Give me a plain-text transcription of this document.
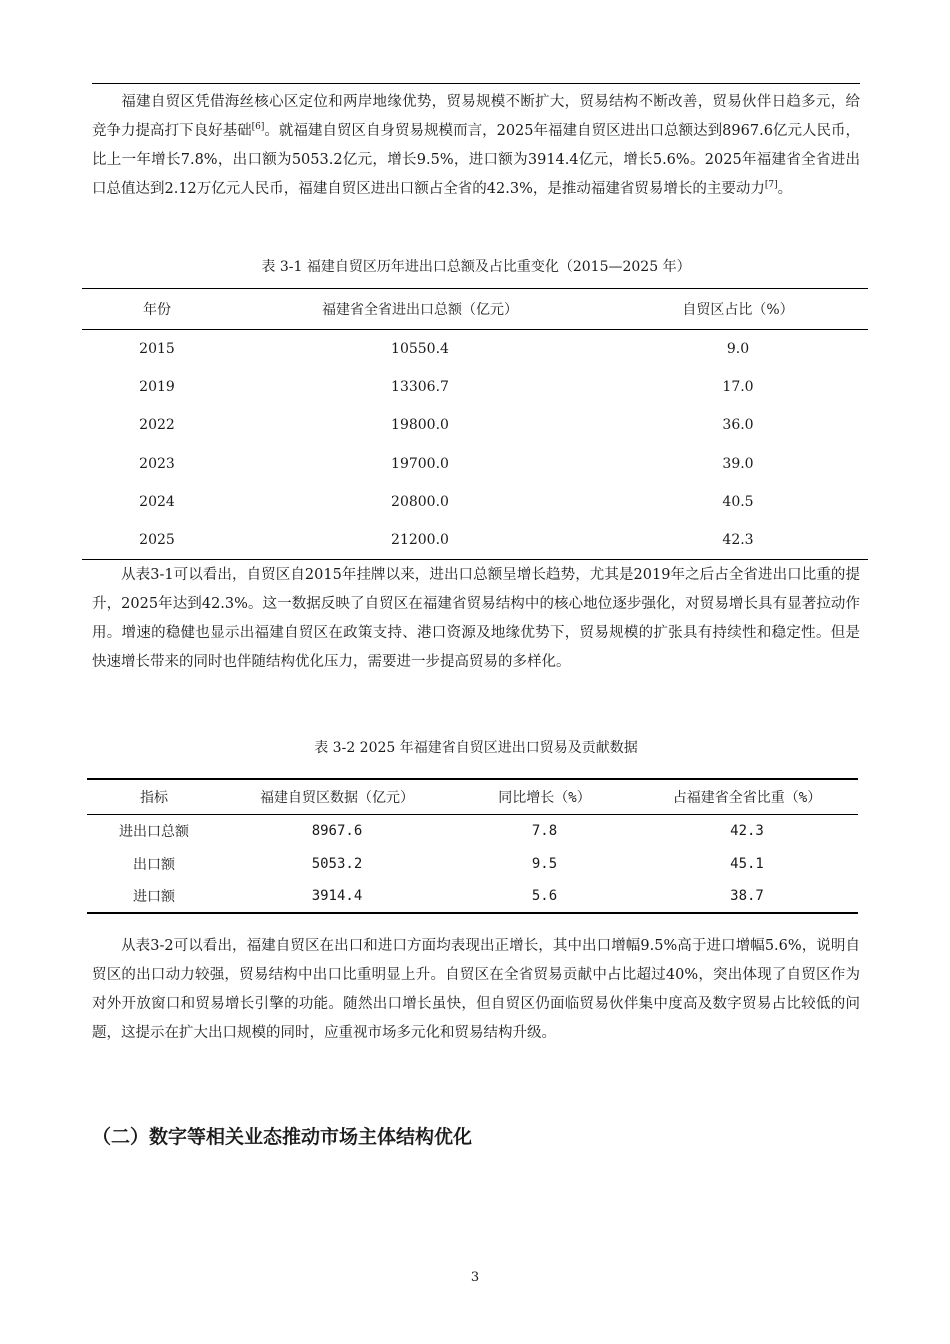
福建自贸区凭借海丝核心区定位和两岸地缘优势，贸易规模不断扩大，贸易结构不断改善，贸易伙伴日趋多元，给竞争力提高打下良好基础[6]。就福建自贸区自身贸易规模而言，2025年福建自贸区进出口总额达到8967.6亿元人民币，比上一年增长7.8%，出口额为5053.2亿元，增长9.5%，进口额为3914.4亿元，增长5.6%。2025年福建省全省进出口总值达到2.12万亿元人民币，福建自贸区进出口额占全省的42.3%，是推动福建省贸易增长的主要动力[7]。

表 3-1 福建自贸区历年进出口总额及占比重变化（2015—2025 年）

年份	福建省全省进出口总额（亿元）	自贸区占比（%）
2015	10550.4	9.0
2019	13306.7	17.0
2022	19800.0	36.0
2023	19700.0	39.0
2024	20800.0	40.5
2025	21200.0	42.3

从表3-1可以看出，自贸区自2015年挂牌以来，进出口总额呈增长趋势，尤其是2019年之后占全省进出口比重的提升，2025年达到42.3%。这一数据反映了自贸区在福建省贸易结构中的核心地位逐步强化，对贸易增长具有显著拉动作用。增速的稳健也显示出福建自贸区在政策支持、港口资源及地缘优势下，贸易规模的扩张具有持续性和稳定性。但是快速增长带来的同时也伴随结构优化压力，需要进一步提高贸易的多样化。

表 3-2 2025 年福建省自贸区进出口贸易及贡献数据

指标	福建自贸区数据（亿元）	同比增长（%）	占福建省全省比重（%）
进出口总额	8967.6	7.8	42.3
出口额	5053.2	9.5	45.1
进口额	3914.4	5.6	38.7

从表3-2可以看出，福建自贸区在出口和进口方面均表现出正增长，其中出口增幅9.5%高于进口增幅5.6%，说明自贸区的出口动力较强，贸易结构中出口比重明显上升。自贸区在全省贸易贡献中占比超过40%，突出体现了自贸区作为对外开放窗口和贸易增长引擎的功能。随然出口增长虽快，但自贸区仍面临贸易伙伴集中度高及数字贸易占比较低的问题，这提示在扩大出口规模的同时，应重视市场多元化和贸易结构升级。

（二）数字等相关业态推动市场主体结构优化

3
